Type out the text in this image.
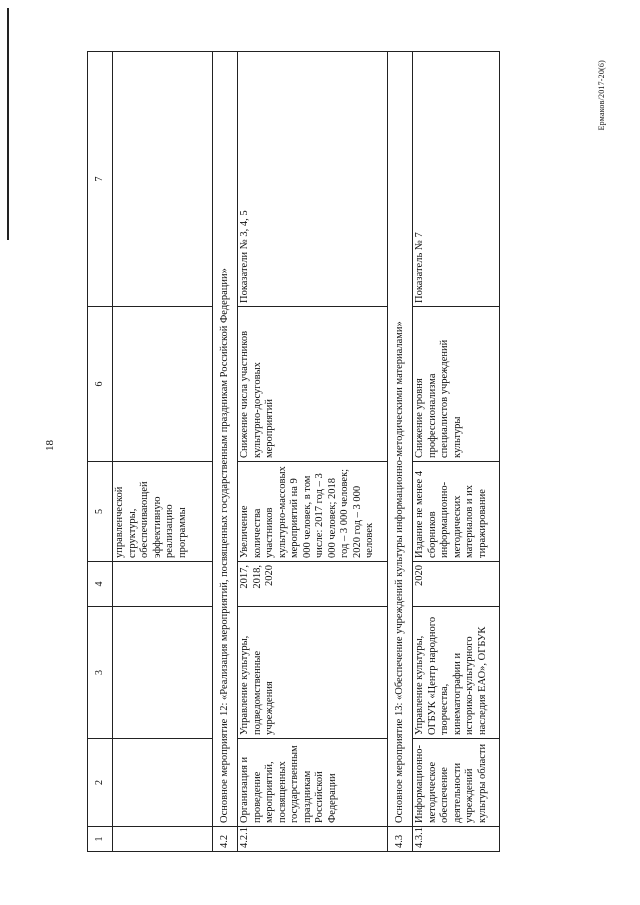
Ермаков/2017-20(6)
18
1	2	3	4	5	6	7
				управленческой структуры, обеспечивающей эффективную реализацию программы		
4.2	Основное мероприятие 12: «Реализация мероприятий, посвященных государственным праздникам Российской Федерации»					
4.2.1	Организация и проведение мероприятий, посвященных государственным праздникам Российской Федерации	Управление культуры, подведомственные учреждения	2017, 2018, 2020	Увеличение количества участников культурно-массовых мероприятий на 9 000 человек, в том числе: 2017 год – 3 000 человек; 2018 год – 3 000 человек; 2020 год – 3 000 человек	Снижение числа участников культурно-досуговых мероприятий	Показатели № 3, 4, 5
4.3	Основное мероприятие 13: «Обеспечение учреждений культуры информационно-методическими материалами»					
4.3.1	Информационно-методическое обеспечение деятельности учреждений культуры области	Управление культуры, ОГБУК «Центр народного творчества, кинематографии и историко-культурного наследия ЕАО», ОГБУК	2020	Издание не менее 4 сборников информационно-методических материалов и их тиражирование	Снижение уровня профессионализма специалистов учреждений культуры	Показатель № 7
